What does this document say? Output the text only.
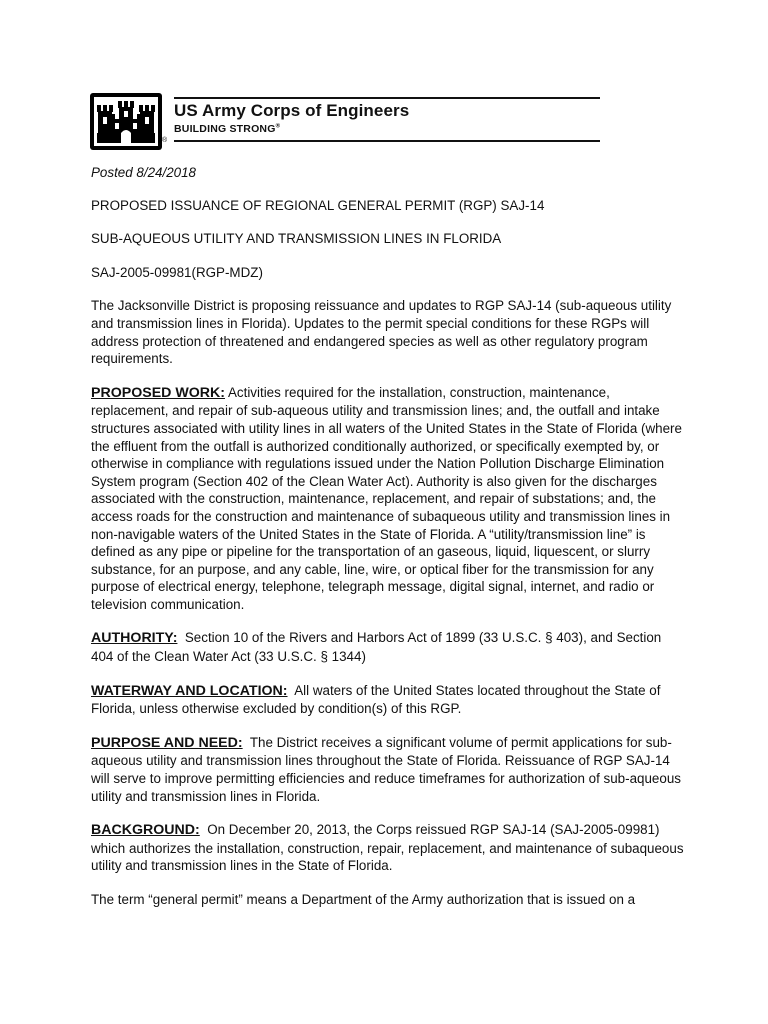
®
US Army Corps of Engineers
BUILDING STRONG®

Posted 8/24/2018

PROPOSED ISSUANCE OF REGIONAL GENERAL PERMIT (RGP) SAJ-14

SUB-AQUEOUS UTILITY AND TRANSMISSION LINES IN FLORIDA

SAJ-2005-09981(RGP-MDZ)

The Jacksonville District is proposing reissuance and updates to RGP SAJ-14 (sub-aqueous utility and transmission lines in Florida). Updates to the permit special conditions for these RGPs will address protection of threatened and endangered species as well as other regulatory program requirements.

PROPOSED WORK: Activities required for the installation, construction, maintenance, replacement, and repair of sub-aqueous utility and transmission lines; and, the outfall and intake structures associated with utility lines in all waters of the United States in the State of Florida (where the effluent from the outfall is authorized conditionally authorized, or specifically exempted by, or otherwise in compliance with regulations issued under the Nation Pollution Discharge Elimination System program (Section 402 of the Clean Water Act). Authority is also given for the discharges associated with the construction, maintenance, replacement, and repair of substations; and, the access roads for the construction and maintenance of subaqueous utility and transmission lines in non-navigable waters of the United States in the State of Florida. A “utility/transmission line” is defined as any pipe or pipeline for the transportation of an gaseous, liquid, liquescent, or slurry substance, for an purpose, and any cable, line, wire, or optical fiber for the transmission for any purpose of electrical energy, telephone, telegraph message, digital signal, internet, and radio or television communication.

AUTHORITY:  Section 10 of the Rivers and Harbors Act of 1899 (33 U.S.C. § 403), and Section 404 of the Clean Water Act (33 U.S.C. § 1344)

WATERWAY AND LOCATION:  All waters of the United States located throughout the State of Florida, unless otherwise excluded by condition(s) of this RGP.

PURPOSE AND NEED:  The District receives a significant volume of permit applications for sub-aqueous utility and transmission lines throughout the State of Florida. Reissuance of RGP SAJ-14 will serve to improve permitting efficiencies and reduce timeframes for authorization of sub-aqueous utility and transmission lines in Florida.

BACKGROUND:  On December 20, 2013, the Corps reissued RGP SAJ-14 (SAJ-2005-09981) which authorizes the installation, construction, repair, replacement, and maintenance of subaqueous utility and transmission lines in the State of Florida.

The term “general permit” means a Department of the Army authorization that is issued on a
